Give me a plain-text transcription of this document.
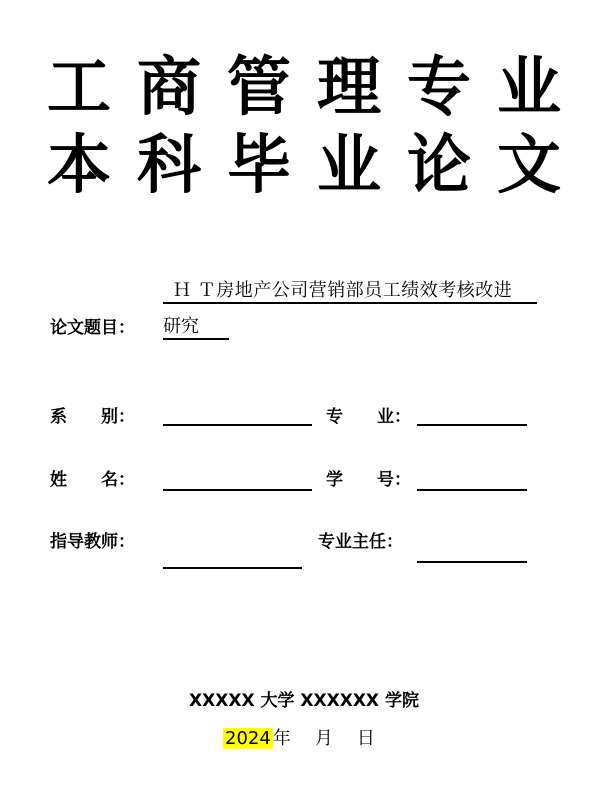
工商管理专业
本科毕业论文
Ｈ Ｔ房地产公司营销部员工绩效考核改进
论文题目： 研究
系　　别：	专　　业：
姓　　名：	学　　号：
指导教师：	专业主任：
XXXXX 大学 XXXXXX 学院
2024 年 月 日
